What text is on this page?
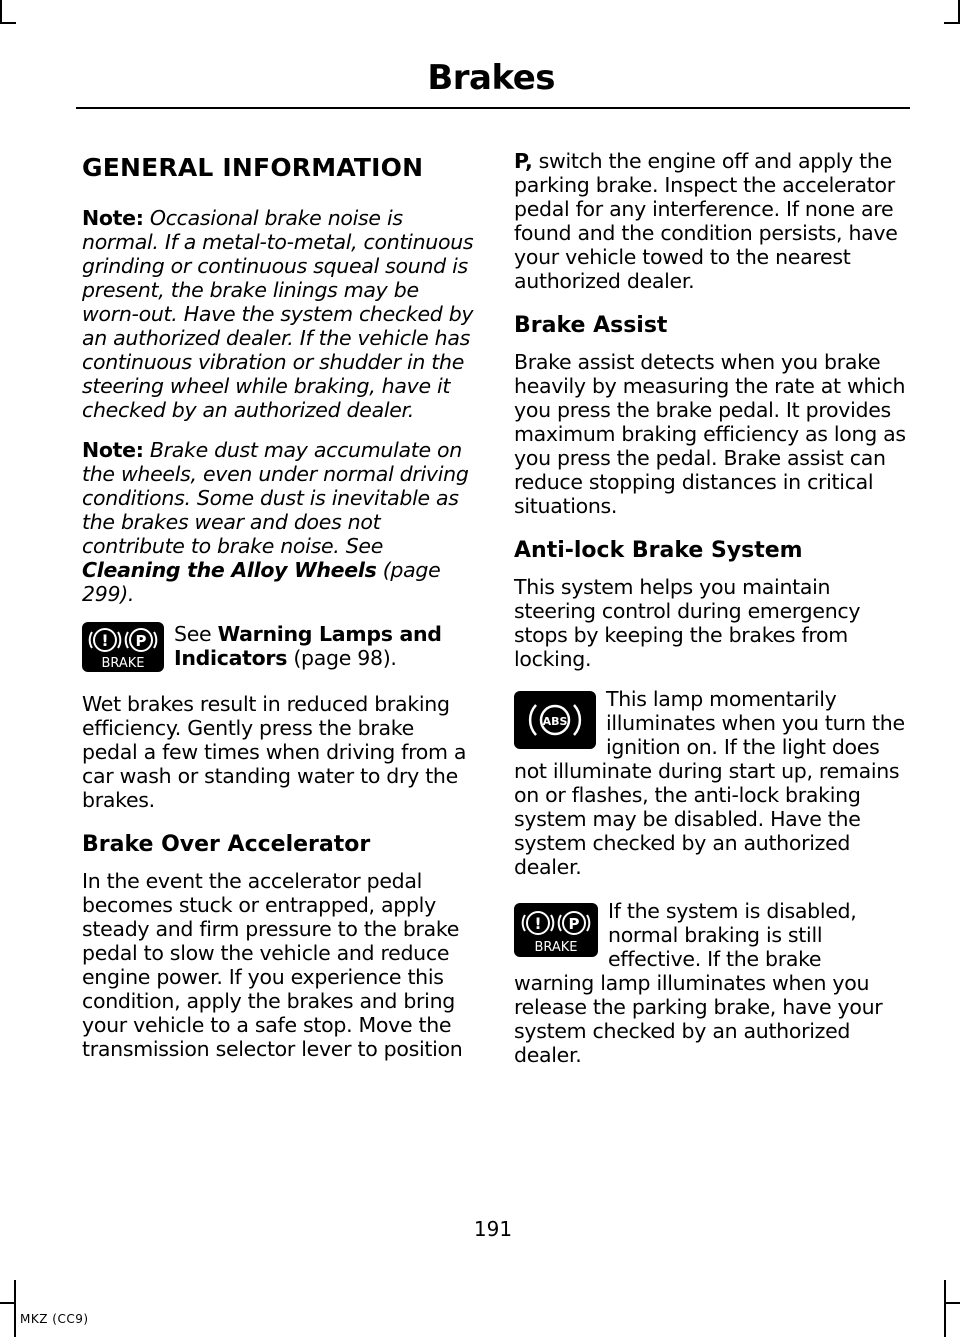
Brakes
GENERAL INFORMATION

Note: Occasional brake noise is normal. If a metal-to-metal, continuous grinding or continuous squeal sound is present, the brake linings may be worn-out. Have the system checked by an authorized dealer. If the vehicle has continuous vibration or shudder in the steering wheel while braking, have it checked by an authorized dealer.

Note: Brake dust may accumulate on the wheels, even under normal driving conditions. Some dust is inevitable as the brakes wear and does not contribute to brake noise. See Cleaning the Alloy Wheels (page 299).

! P
BRAKE

See Warning Lamps and Indicators (page 98).

Wet brakes result in reduced braking efficiency. Gently press the brake pedal a few times when driving from a car wash or standing water to dry the brakes.

Brake Over Accelerator

In the event the accelerator pedal becomes stuck or entrapped, apply steady and firm pressure to the brake pedal to slow the vehicle and reduce engine power. If you experience this condition, apply the brakes and bring your vehicle to a safe stop. Move the transmission selector lever to position

P, switch the engine off and apply the parking brake. Inspect the accelerator pedal for any interference. If none are found and the condition persists, have your vehicle towed to the nearest authorized dealer.

Brake Assist

Brake assist detects when you brake heavily by measuring the rate at which you press the brake pedal. It provides maximum braking efficiency as long as you press the pedal. Brake assist can reduce stopping distances in critical situations.

Anti-lock Brake System

This system helps you maintain steering control during emergency stops by keeping the brakes from locking.

ABS

This lamp momentarily illuminates when you turn the ignition on. If the light does not illuminate during start up, remains on or flashes, the anti-lock braking system may be disabled. Have the system checked by an authorized dealer.

! P
BRAKE

If the system is disabled, normal braking is still effective. If the brake warning lamp illuminates when you release the parking brake, have your system checked by an authorized dealer.

191
MKZ (CC9)
